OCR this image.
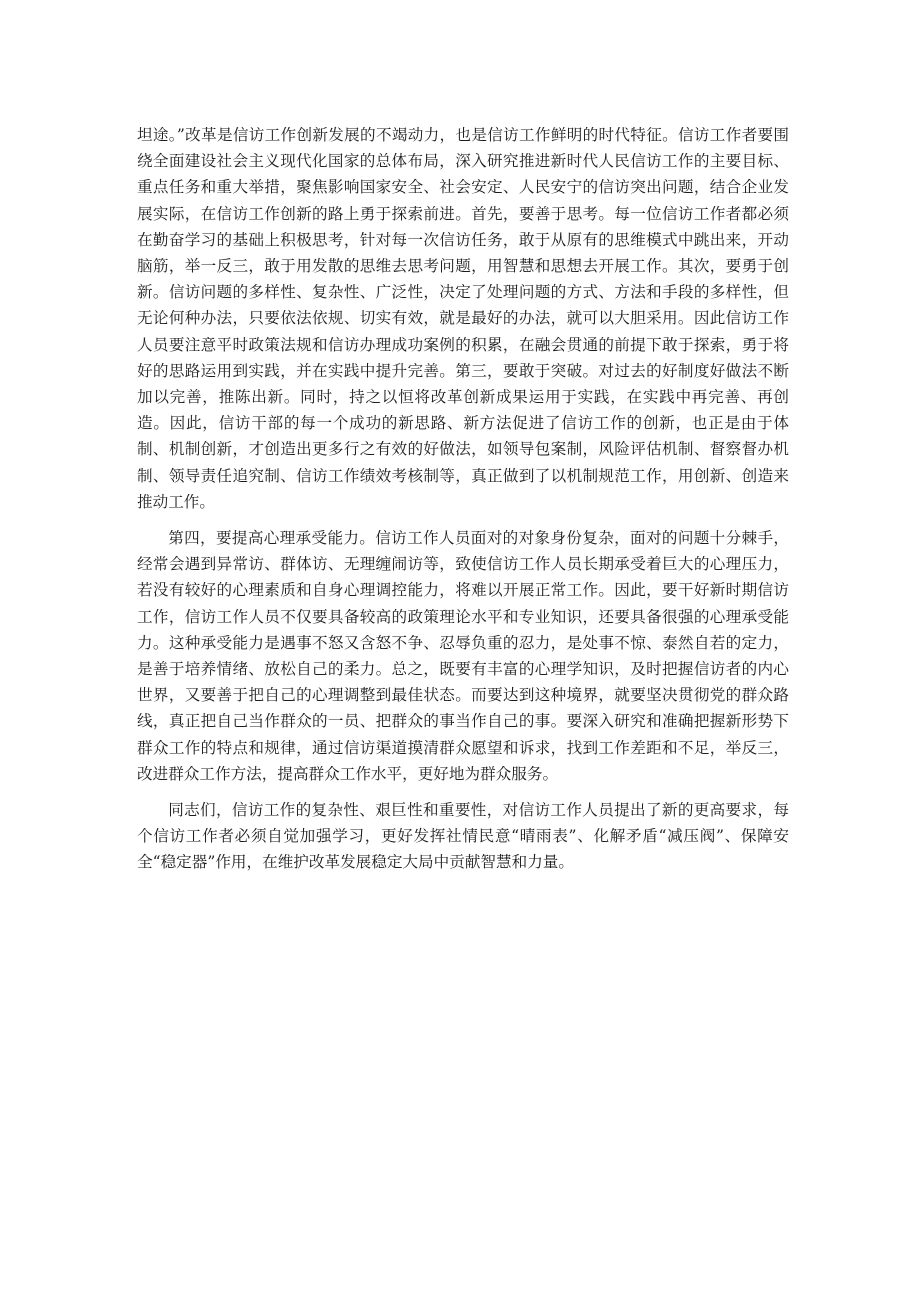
坦途。”改革是信访工作创新发展的不竭动力，也是信访工作鲜明的时代特征。信访工作者要围绕全面建设社会主义现代化国家的总体布局，深入研究推进新时代人民信访工作的主要目标、重点任务和重大举措，聚焦影响国家安全、社会安定、人民安宁的信访突出问题，结合企业发展实际，在信访工作创新的路上勇于探索前进。首先，要善于思考。每一位信访工作者都必须在勤奋学习的基础上积极思考，针对每一次信访任务，敢于从原有的思维模式中跳出来，开动脑筋，举一反三，敢于用发散的思维去思考问题，用智慧和思想去开展工作。其次，要勇于创新。信访问题的多样性、复杂性、广泛性，决定了处理问题的方式、方法和手段的多样性，但无论何种办法，只要依法依规、切实有效，就是最好的办法，就可以大胆采用。因此信访工作人员要注意平时政策法规和信访办理成功案例的积累，在融会贯通的前提下敢于探索，勇于将好的思路运用到实践，并在实践中提升完善。第三，要敢于突破。对过去的好制度好做法不断加以完善，推陈出新。同时，持之以恒将改革创新成果运用于实践，在实践中再完善、再创造。因此，信访干部的每一个成功的新思路、新方法促进了信访工作的创新，也正是由于体制、机制创新，才创造出更多行之有效的好做法，如领导包案制，风险评估机制、督察督办机制、领导责任追究制、信访工作绩效考核制等，真正做到了以机制规范工作，用创新、创造来推动工作。

第四，要提高心理承受能力。信访工作人员面对的对象身份复杂，面对的问题十分棘手，经常会遇到异常访、群体访、无理缠闹访等，致使信访工作人员长期承受着巨大的心理压力，若没有较好的心理素质和自身心理调控能力，将难以开展正常工作。因此，要干好新时期信访工作，信访工作人员不仅要具备较高的政策理论水平和专业知识，还要具备很强的心理承受能力。这种承受能力是遇事不怒又含怒不争、忍辱负重的忍力，是处事不惊、泰然自若的定力，是善于培养情绪、放松自己的柔力。总之，既要有丰富的心理学知识，及时把握信访者的内心世界，又要善于把自己的心理调整到最佳状态。而要达到这种境界，就要坚决贯彻党的群众路线，真正把自己当作群众的一员、把群众的事当作自己的事。要深入研究和准确把握新形势下群众工作的特点和规律，通过信访渠道摸清群众愿望和诉求，找到工作差距和不足，举反三，改进群众工作方法，提高群众工作水平，更好地为群众服务。

同志们，信访工作的复杂性、艰巨性和重要性，对信访工作人员提出了新的更高要求，每个信访工作者必须自觉加强学习，更好发挥社情民意“晴雨表”、化解矛盾“减压阀”、保障安全“稳定器”作用，在维护改革发展稳定大局中贡献智慧和力量。
